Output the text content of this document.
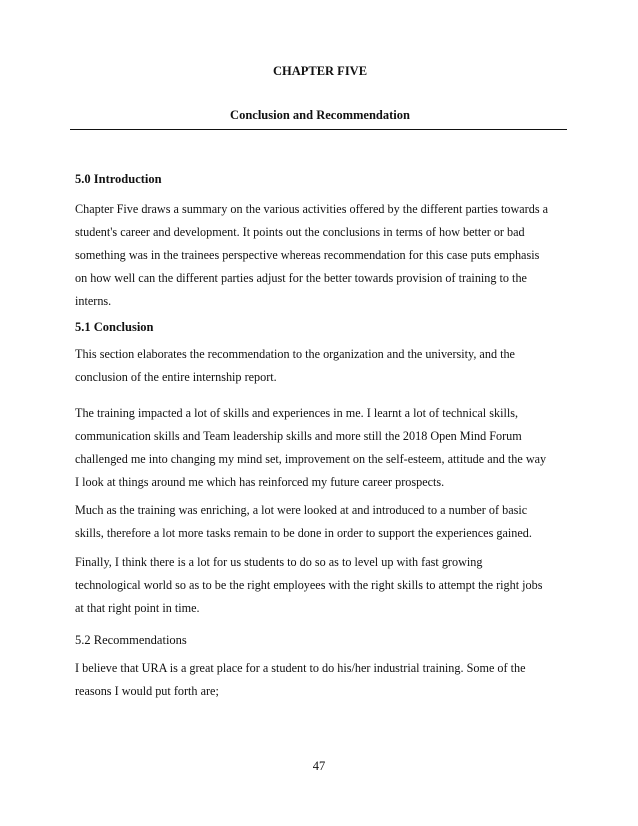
CHAPTER FIVE
Conclusion and Recommendation
5.0 Introduction
Chapter Five draws a summary on the various activities offered by the different parties towards a
student's career and development. It points out the conclusions in terms of how better or bad
something was in the trainees perspective whereas recommendation for this case puts emphasis
on how well can the different parties adjust for the better towards provision of training to the
interns.
5.1 Conclusion
This section elaborates the recommendation to the organization and the university, and the
conclusion of the entire internship report.
The training impacted a lot of skills and experiences in me. I learnt a lot of technical skills,
communication skills and Team leadership skills and more still the 2018 Open Mind Forum
challenged me into changing my mind set, improvement on the self-esteem, attitude and the way
I look at things around me which has reinforced my future career prospects.
Much as the training was enriching, a lot were looked at and introduced to a number of basic
skills, therefore a lot more tasks remain to be done in order to support the experiences gained.
Finally, I think there is a lot for us students to do so as to level up with fast growing
technological world so as to be the right employees with the right skills to attempt the right jobs
at that right point in time.
5.2 Recommendations
I believe that URA is a great place for a student to do his/her industrial training. Some of the
reasons I would put forth are;
47
